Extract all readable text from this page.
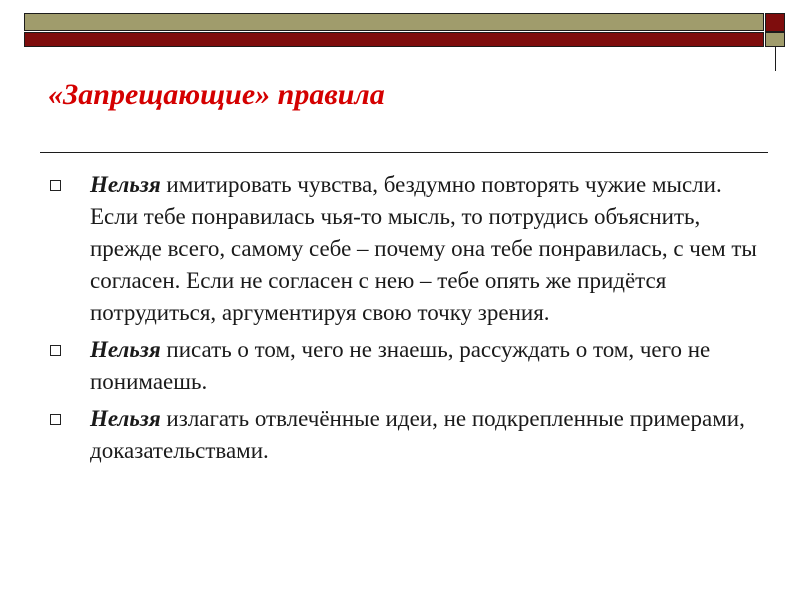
«Запрещающие» правила
Нельзя имитировать чувства, бездумно повторять чужие мысли. Если тебе понравилась чья-то мысль, то потрудись объяснить, прежде всего, самому себе – почему она тебе понравилась, с чем ты согласен. Если не согласен с нею – тебе опять же придётся потрудиться, аргументируя свою точку зрения.
Нельзя писать о том, чего не знаешь, рассуждать о том, чего не понимаешь.
Нельзя излагать отвлечённые идеи, не подкрепленные примерами, доказательствами.
